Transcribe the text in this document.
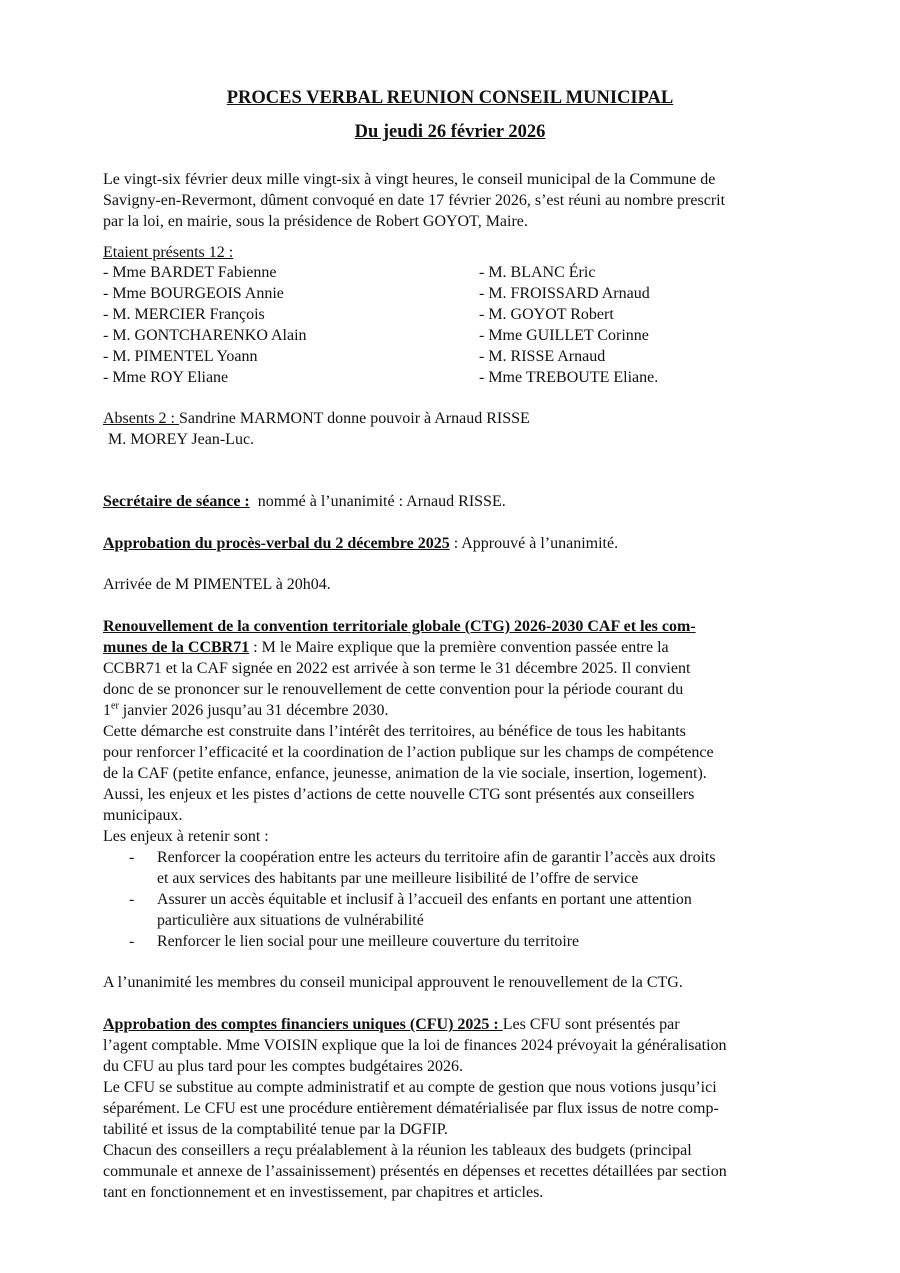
PROCES VERBAL REUNION CONSEIL MUNICIPAL
Du jeudi 26 février 2026
Le vingt-six février deux mille vingt-six à vingt heures, le conseil municipal de la Commune de
Savigny-en-Revermont, dûment convoqué en date 17 février 2026, s’est réuni au nombre prescrit
par la loi, en mairie, sous la présidence de Robert GOYOT, Maire.
Etaient présents 12 :
- Mme BARDET Fabienne
- Mme BOURGEOIS Annie
- M. MERCIER François
- M. GONTCHARENKO Alain
- M. PIMENTEL Yoann
- Mme ROY Eliane
- M. BLANC Éric
- M. FROISSARD Arnaud
- M. GOYOT Robert
- Mme GUILLET Corinne
- M. RISSE Arnaud
- Mme TREBOUTE Eliane.
Absents 2 : Sandrine MARMONT donne pouvoir à Arnaud RISSE
M. MOREY Jean-Luc.
Secrétaire de séance :  nommé à l’unanimité : Arnaud RISSE.
Approbation du procès-verbal du 2 décembre 2025 : Approuvé à l’unanimité.
Arrivée de M PIMENTEL à 20h04.
Renouvellement de la convention territoriale globale (CTG) 2026-2030 CAF et les com-
munes de la CCBR71 : M le Maire explique que la première convention passée entre la
CCBR71 et la CAF signée en 2022 est arrivée à son terme le 31 décembre 2025. Il convient
donc de se prononcer sur le renouvellement de cette convention pour la période courant du
1er janvier 2026 jusqu’au 31 décembre 2030.
Cette démarche est construite dans l’intérêt des territoires, au bénéfice de tous les habitants
pour renforcer l’efficacité et la coordination de l’action publique sur les champs de compétence
de la CAF (petite enfance, enfance, jeunesse, animation de la vie sociale, insertion, logement).
Aussi, les enjeux et les pistes d’actions de cette nouvelle CTG sont présentés aux conseillers
municipaux.
Les enjeux à retenir sont :
- Renforcer la coopération entre les acteurs du territoire afin de garantir l’accès aux droits
et aux services des habitants par une meilleure lisibilité de l’offre de service
- Assurer un accès équitable et inclusif à l’accueil des enfants en portant une attention
particulière aux situations de vulnérabilité
- Renforcer le lien social pour une meilleure couverture du territoire
A l’unanimité les membres du conseil municipal approuvent le renouvellement de la CTG.
Approbation des comptes financiers uniques (CFU) 2025 : Les CFU sont présentés par
l’agent comptable. Mme VOISIN explique que la loi de finances 2024 prévoyait la généralisation
du CFU au plus tard pour les comptes budgétaires 2026.
Le CFU se substitue au compte administratif et au compte de gestion que nous votions jusqu’ici
séparément. Le CFU est une procédure entièrement dématérialisée par flux issus de notre comp-
tabilité et issus de la comptabilité tenue par la DGFIP.
Chacun des conseillers a reçu préalablement à la réunion les tableaux des budgets (principal
communale et annexe de l’assainissement) présentés en dépenses et recettes détaillées par section
tant en fonctionnement et en investissement, par chapitres et articles.
